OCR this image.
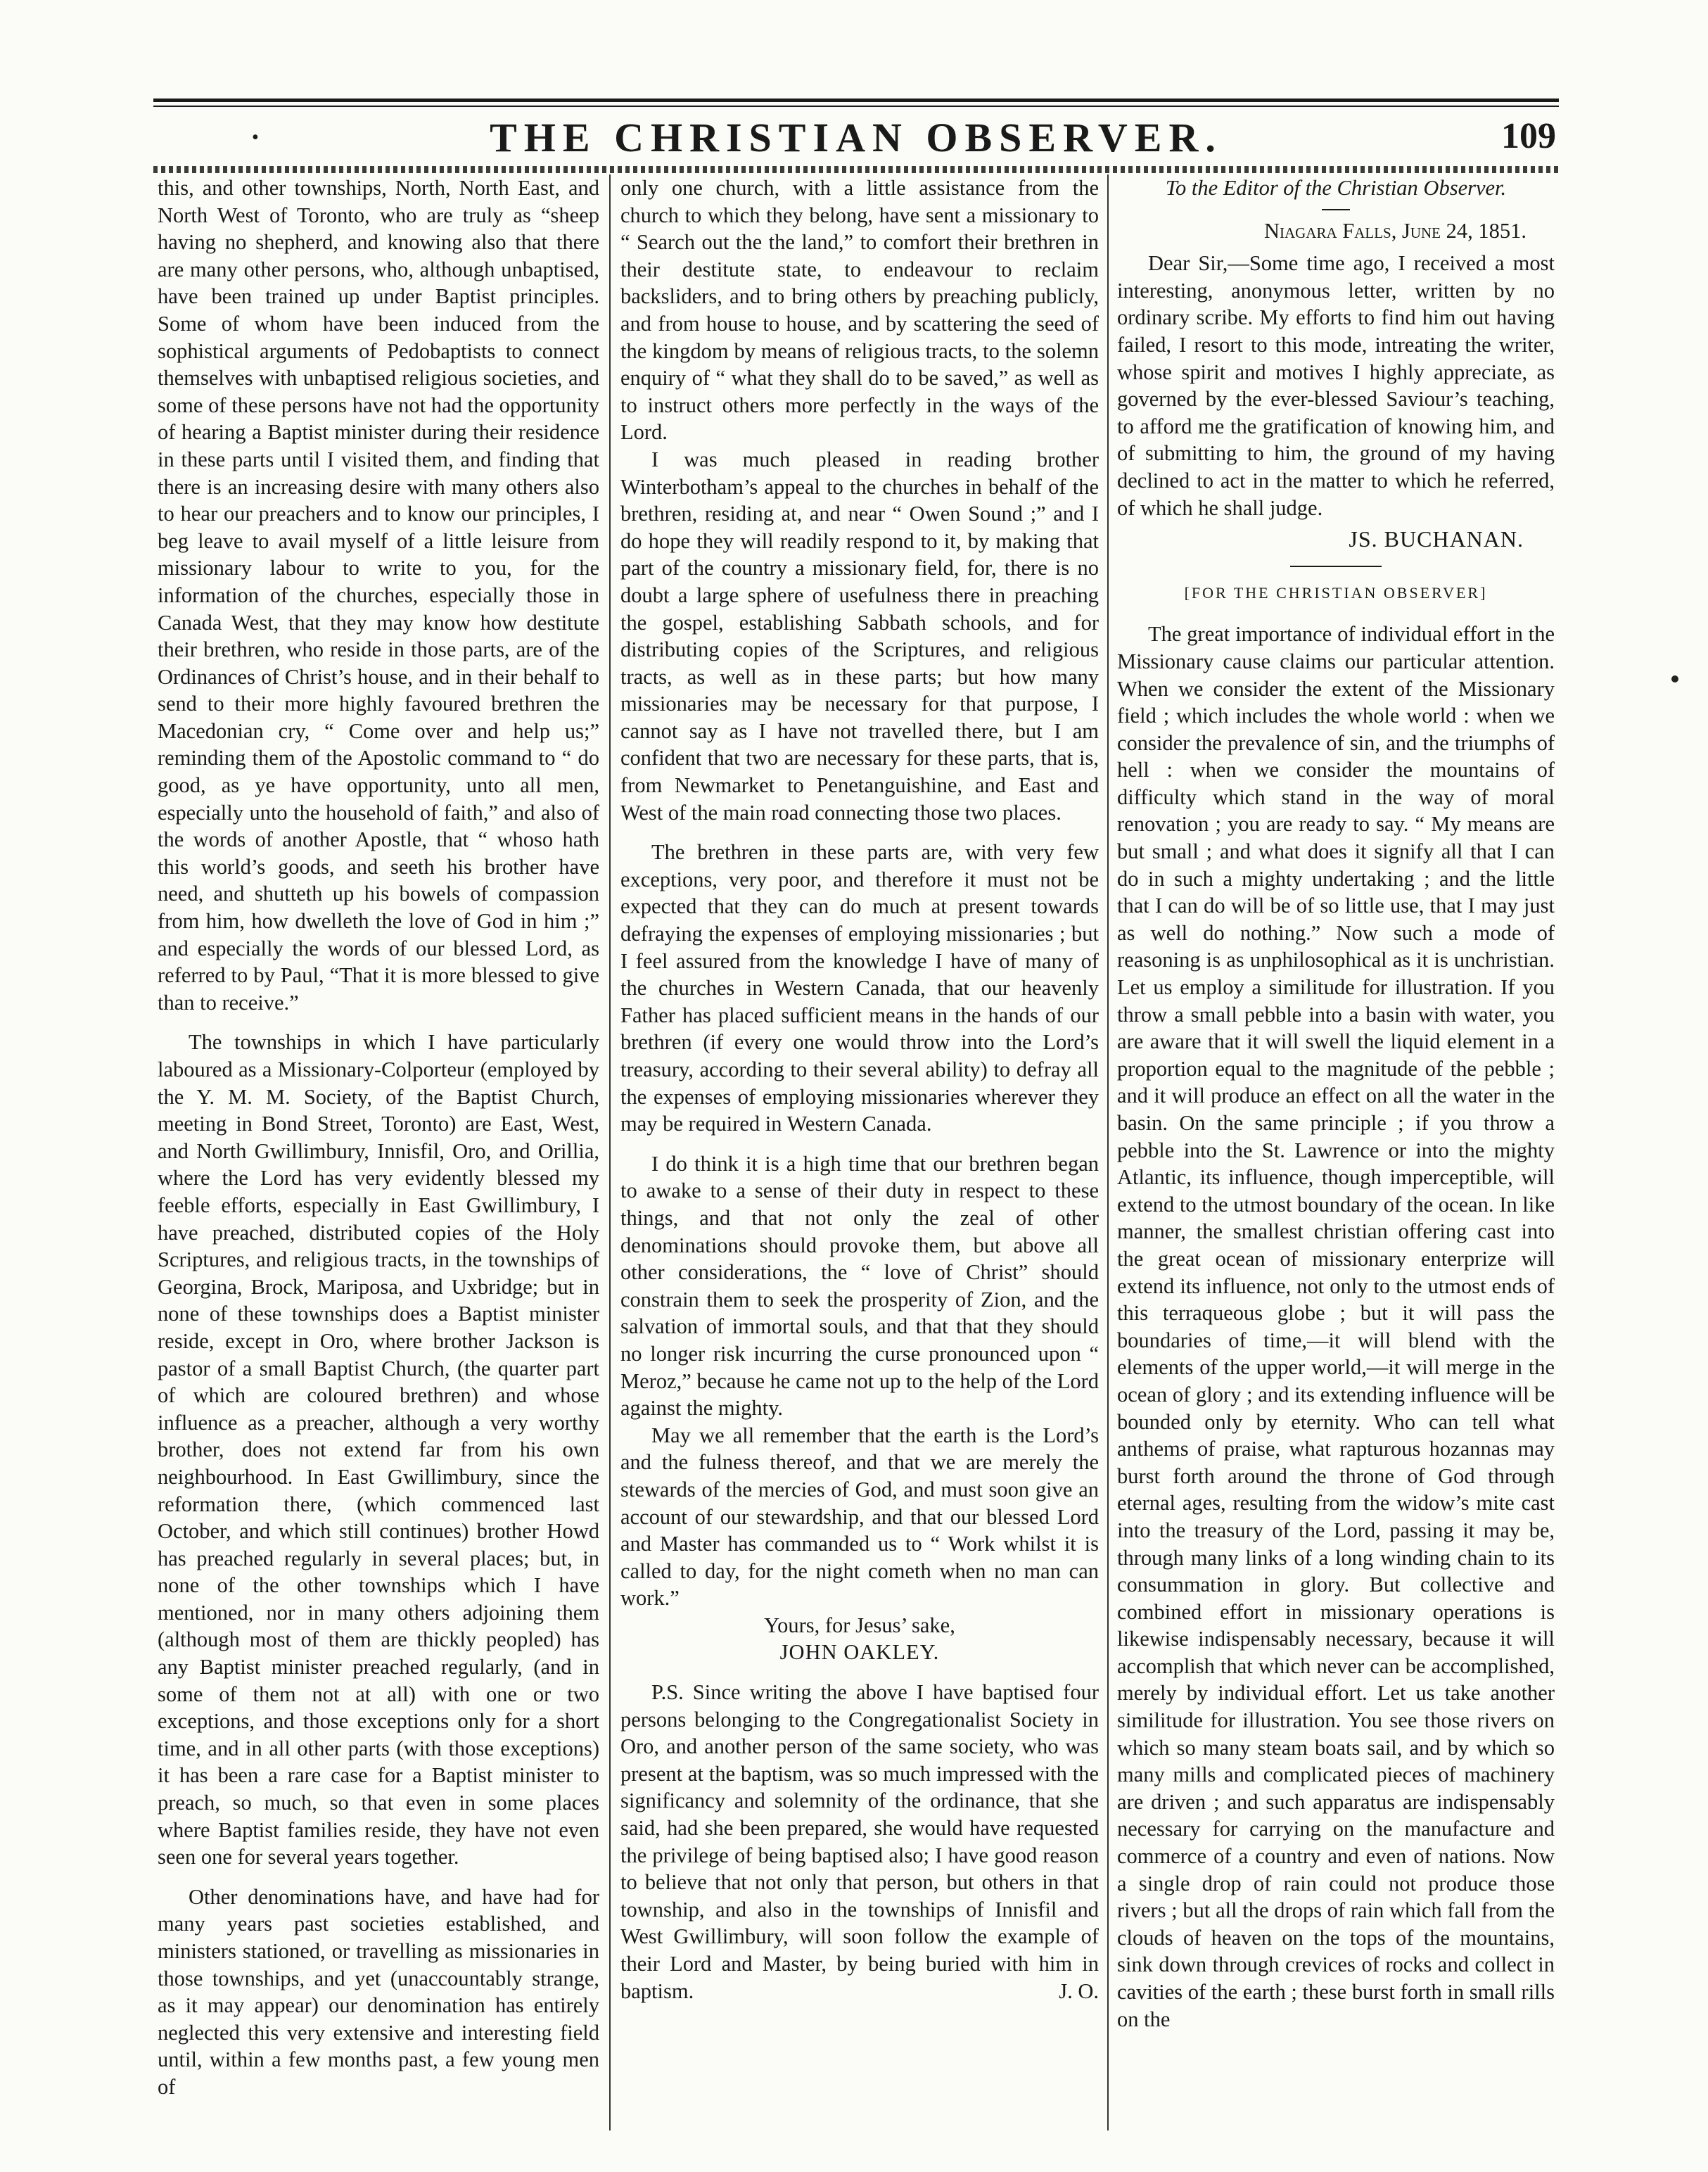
•	THE CHRISTIAN OBSERVER.	109

this, and other townships, North, North East, and North West of Toronto, who are truly as “sheep having no shepherd, and knowing also that there are many other persons, who, although unbaptised, have been trained up under Baptist principles. Some of whom have been induced from the sophistical arguments of Pedobaptists to connect themselves with unbaptised religious societies, and some of these persons have not had the opportunity of hearing a Baptist minister during their residence in these parts until I visited them, and finding that there is an increasing desire with many others also to hear our preachers and to know our principles, I beg leave to avail myself of a little leisure from missionary labour to write to you, for the information of the churches, especially those in Canada West, that they may know how destitute their brethren, who reside in those parts, are of the Ordinances of Christ’s house, and in their behalf to send to their more highly favoured brethren the Macedonian cry, “ Come over and help us;” reminding them of the Apostolic command to “ do good, as ye have opportunity, unto all men, especially unto the household of faith,” and also of the words of another Apostle, that “ whoso hath this world’s goods, and seeth his brother have need, and shutteth up his bowels of compassion from him, how dwelleth the love of God in him ;” and especially the words of our blessed Lord, as referred to by Paul, “That it is more blessed to give than to receive.”

The townships in which I have particularly laboured as a Missionary-Colporteur (employed by the Y. M. M. Society, of the Baptist Church, meeting in Bond Street, Toronto) are East, West, and North Gwillimbury, Innisfil, Oro, and Orillia, where the Lord has very evidently blessed my feeble efforts, especially in East Gwillimbury, I have preached, distributed copies of the Holy Scriptures, and religious tracts, in the townships of Georgina, Brock, Mariposa, and Uxbridge; but in none of these townships does a Baptist minister reside, except in Oro, where brother Jackson is pastor of a small Baptist Church, (the quarter part of which are coloured brethren) and whose influence as a preacher, although a very worthy brother, does not extend far from his own neighbourhood. In East Gwillimbury, since the reformation there, (which commenced last October, and which still continues) brother Howd has preached regularly in several places; but, in none of the other townships which I have mentioned, nor in many others adjoining them (although most of them are thickly peopled) has any Baptist minister preached regularly, (and in some of them not at all) with one or two exceptions, and those exceptions only for a short time, and in all other parts (with those exceptions) it has been a rare case for a Baptist minister to preach, so much, so that even in some places where Baptist families reside, they have not even seen one for several years together.

Other denominations have, and have had for many years past societies established, and ministers stationed, or travelling as missionaries in those townships, and yet (unaccountably strange, as it may appear) our denomination has entirely neglected this very extensive and interesting field until, within a few months past, a few young men of

only one church, with a little assistance from the church to which they belong, have sent a missionary to “ Search out the the land,” to comfort their brethren in their destitute state, to endeavour to reclaim backsliders, and to bring others by preaching publicly, and from house to house, and by scattering the seed of the kingdom by means of religious tracts, to the solemn enquiry of “ what they shall do to be saved,” as well as to instruct others more perfectly in the ways of the Lord.

I was much pleased in reading brother Winterbotham’s appeal to the churches in behalf of the brethren, residing at, and near “ Owen Sound ;” and I do hope they will readily respond to it, by making that part of the country a missionary field, for, there is no doubt a large sphere of usefulness there in preaching the gospel, establishing Sabbath schools, and for distributing copies of the Scriptures, and religious tracts, as well as in these parts; but how many missionaries may be necessary for that purpose, I cannot say as I have not travelled there, but I am confident that two are necessary for these parts, that is, from Newmarket to Penetanguishine, and East and West of the main road connecting those two places.

The brethren in these parts are, with very few exceptions, very poor, and therefore it must not be expected that they can do much at present towards defraying the expenses of employing missionaries ; but I feel assured from the knowledge I have of many of the churches in Western Canada, that our heavenly Father has placed sufficient means in the hands of our brethren (if every one would throw into the Lord’s treasury, according to their several ability) to defray all the expenses of employing missionaries wherever they may be required in Western Canada.

I do think it is a high time that our brethren began to awake to a sense of their duty in respect to these things, and that not only the zeal of other denominations should provoke them, but above all other considerations, the “ love of Christ” should constrain them to seek the prosperity of Zion, and the salvation of immortal souls, and that that they should no longer risk incurring the curse pronounced upon “ Meroz,” because he came not up to the help of the Lord against the mighty.

May we all remember that the earth is the Lord’s and the fulness thereof, and that we are merely the stewards of the mercies of God, and must soon give an account of our stewardship, and that our blessed Lord and Master has commanded us to “ Work whilst it is called to day, for the night cometh when no man can work.”

Yours, for Jesus’ sake,

JOHN OAKLEY.

P.S. Since writing the above I have baptised four persons belonging to the Congregationalist Society in Oro, and another person of the same society, who was present at the baptism, was so much impressed with the significancy and solemnity of the ordinance, that she said, had she been prepared, she would have requested the privilege of being baptised also; I have good reason to believe that not only that person, but others in that township, and also in the townships of Innisfil and West Gwillimbury, will soon follow the example of their Lord and Master, by being buried with him in baptism.	J. O.

To the Editor of the Christian Observer.

Niagara Falls, June 24, 1851.

Dear Sir,—Some time ago, I received a most interesting, anonymous letter, written by no ordinary scribe. My efforts to find him out having failed, I resort to this mode, intreating the writer, whose spirit and motives I highly appreciate, as governed by the ever-blessed Saviour’s teaching, to afford me the gratification of knowing him, and of submitting to him, the ground of my having declined to act in the matter to which he referred, of which he shall judge.

JS. BUCHANAN.

[FOR THE CHRISTIAN OBSERVER]

The great importance of individual effort in the Missionary cause claims our particular attention. When we consider the extent of the Missionary field ; which includes the whole world : when we consider the prevalence of sin, and the triumphs of hell : when we consider the mountains of difficulty which stand in the way of moral renovation ; you are ready to say. “ My means are but small ; and what does it signify all that I can do in such a mighty undertaking ; and the little that I can do will be of so little use, that I may just as well do nothing.” Now such a mode of reasoning is as unphilosophical as it is unchristian. Let us employ a similitude for illustration. If you throw a small pebble into a basin with water, you are aware that it will swell the liquid element in a proportion equal to the magnitude of the pebble ; and it will produce an effect on all the water in the basin. On the same principle ; if you throw a pebble into the St. Lawrence or into the mighty Atlantic, its influence, though imperceptible, will extend to the utmost boundary of the ocean. In like manner, the smallest christian offering cast into the great ocean of missionary enterprize will extend its influence, not only to the utmost ends of this terraqueous globe ; but it will pass the boundaries of time,—it will blend with the elements of the upper world,—it will merge in the ocean of glory ; and its extending influence will be bounded only by eternity. Who can tell what anthems of praise, what rapturous hozannas may burst forth around the throne of God through eternal ages, resulting from the widow’s mite cast into the treasury of the Lord, passing it may be, through many links of a long winding chain to its consummation in glory. But collective and combined effort in missionary operations is likewise indispensably necessary, because it will accomplish that which never can be accomplished, merely by individual effort. Let us take another similitude for illustration. You see those rivers on which so many steam boats sail, and by which so many mills and complicated pieces of machinery are driven ; and such apparatus are indispensably necessary for carrying on the manufacture and commerce of a country and even of nations. Now a single drop of rain could not produce those rivers ; but all the drops of rain which fall from the clouds of heaven on the tops of the mountains, sink down through crevices of rocks and collect in cavities of the earth ; these burst forth in small rills on the
